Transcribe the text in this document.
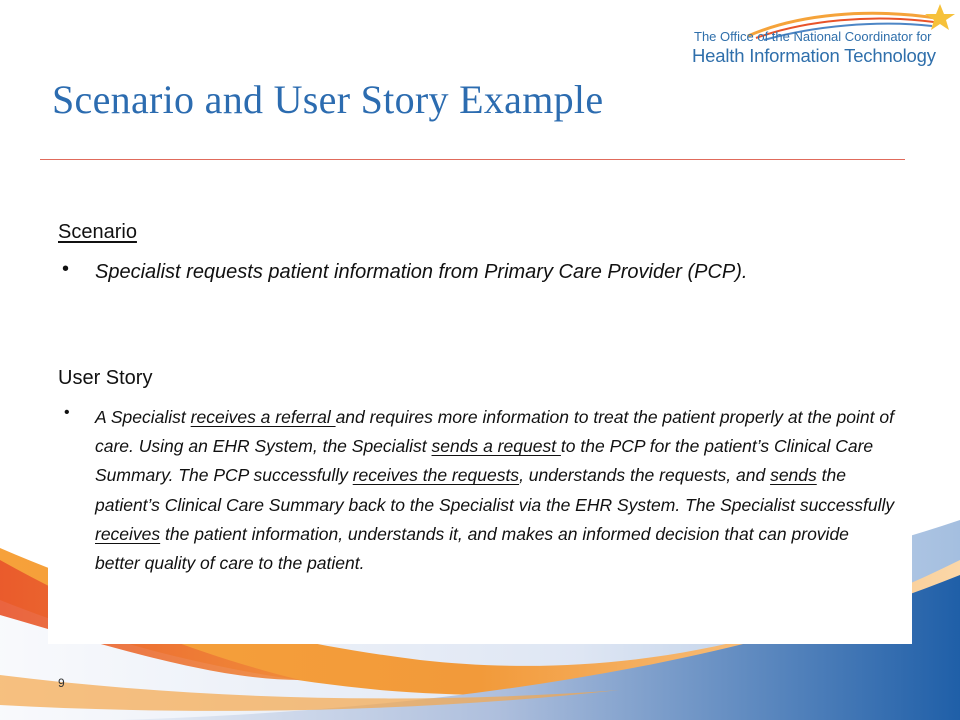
The Office of the National Coordinator for
Health Information Technology
Scenario and User Story Example
Scenario
• Specialist requests patient information from Primary Care Provider (PCP).

User Story
• A Specialist receives a referral and requires more information to treat the patient properly at the point of care. Using an EHR System, the Specialist sends a request to the PCP for the patient’s Clinical Care Summary. The PCP successfully receives the requests, understands the requests, and sends the patient’s Clinical Care Summary back to the Specialist via the EHR System. The Specialist successfully receives the patient information, understands it, and makes an informed decision that can provide better quality of care to the patient.

9
